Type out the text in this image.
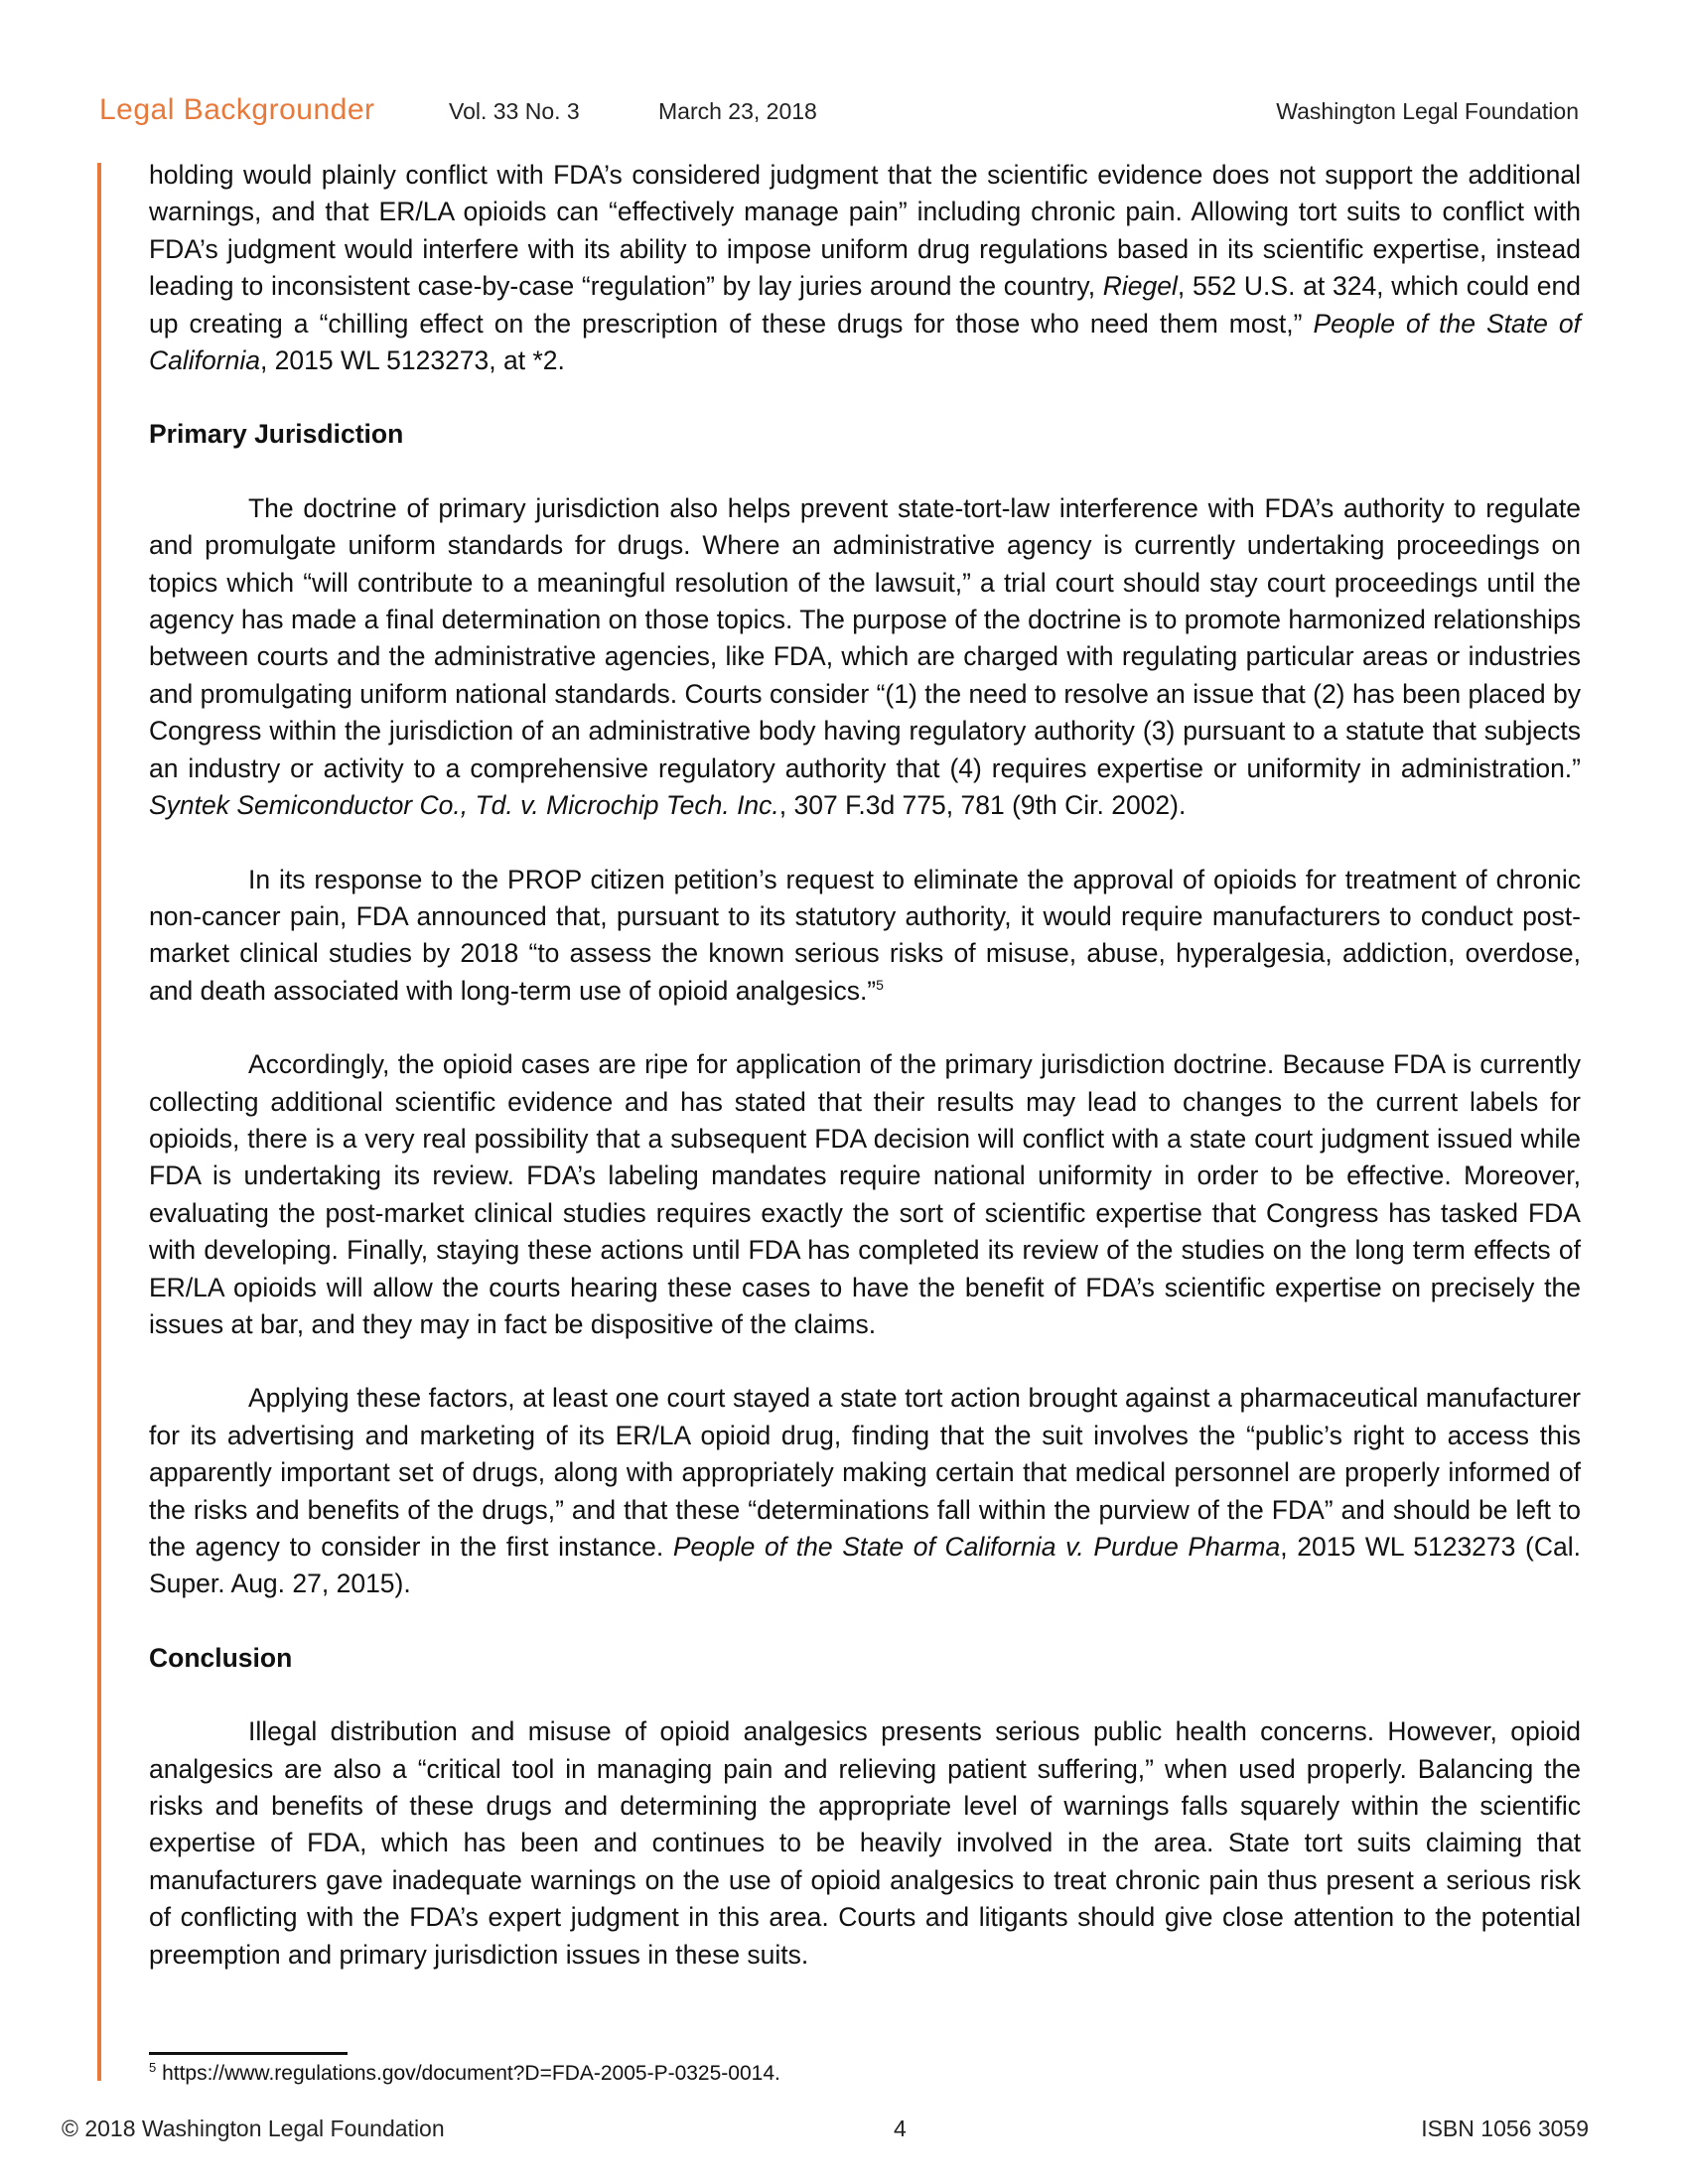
Legal Backgrounder	Vol. 33 No. 3	March 23, 2018	Washington Legal Foundation

holding would plainly conflict with FDA’s considered judgment that the scientific evidence does not support the additional warnings, and that ER/LA opioids can “effectively manage pain” including chronic pain. Allowing tort suits to conflict with FDA’s judgment would interfere with its ability to impose uniform drug regulations based in its scientific expertise, instead leading to inconsistent case-by-case “regulation” by lay juries around the country, Riegel, 552 U.S. at 324, which could end up creating a “chilling effect on the prescription of these drugs for those who need them most,” People of the State of California, 2015 WL 5123273, at *2.

Primary Jurisdiction

The doctrine of primary jurisdiction also helps prevent state-tort-law interference with FDA’s authority to regulate and promulgate uniform standards for drugs. Where an administrative agency is currently undertaking proceedings on topics which “will contribute to a meaningful resolution of the lawsuit,” a trial court should stay court proceedings until the agency has made a final determination on those topics. The purpose of the doctrine is to promote harmonized relationships between courts and the administrative agencies, like FDA, which are charged with regulating particular areas or industries and promulgating uniform national standards. Courts consider “(1) the need to resolve an issue that (2) has been placed by Congress within the jurisdiction of an administrative body having regulatory authority (3) pursuant to a statute that subjects an industry or activity to a comprehensive regulatory authority that (4) requires expertise or uniformity in administration.” Syntek Semiconductor Co., Td. v. Microchip Tech. Inc., 307 F.3d 775, 781 (9th Cir. 2002).

In its response to the PROP citizen petition’s request to eliminate the approval of opioids for treatment of chronic non-cancer pain, FDA announced that, pursuant to its statutory authority, it would require manufacturers to conduct post-market clinical studies by 2018 “to assess the known serious risks of misuse, abuse, hyperalgesia, addiction, overdose, and death associated with long-term use of opioid analgesics.”$^5$

Accordingly, the opioid cases are ripe for application of the primary jurisdiction doctrine. Because FDA is currently collecting additional scientific evidence and has stated that their results may lead to changes to the current labels for opioids, there is a very real possibility that a subsequent FDA decision will conflict with a state court judgment issued while FDA is undertaking its review. FDA’s labeling mandates require national uniformity in order to be effective. Moreover, evaluating the post-market clinical studies requires exactly the sort of scientific expertise that Congress has tasked FDA with developing. Finally, staying these actions until FDA has completed its review of the studies on the long term effects of ER/LA opioids will allow the courts hearing these cases to have the benefit of FDA’s scientific expertise on precisely the issues at bar, and they may in fact be dispositive of the claims.

Applying these factors, at least one court stayed a state tort action brought against a pharmaceutical manufacturer for its advertising and marketing of its ER/LA opioid drug, finding that the suit involves the “public’s right to access this apparently important set of drugs, along with appropriately making certain that medical personnel are properly informed of the risks and benefits of the drugs,” and that these “determinations fall within the purview of the FDA” and should be left to the agency to consider in the first instance. People of the State of California v. Purdue Pharma, 2015 WL 5123273 (Cal. Super. Aug. 27, 2015).

Conclusion

Illegal distribution and misuse of opioid analgesics presents serious public health concerns. However, opioid analgesics are also a “critical tool in managing pain and relieving patient suffering,” when used properly. Balancing the risks and benefits of these drugs and determining the appropriate level of warnings falls squarely within the scientific expertise of FDA, which has been and continues to be heavily involved in the area. State tort suits claiming that manufacturers gave inadequate warnings on the use of opioid analgesics to treat chronic pain thus present a serious risk of conflicting with the FDA’s expert judgment in this area. Courts and litigants should give close attention to the potential preemption and primary jurisdiction issues in these suits.

$^5$ https://www.regulations.gov/document?D=FDA-2005-P-0325-0014.
© 2018 Washington Legal Foundation	4	ISBN 1056 3059
